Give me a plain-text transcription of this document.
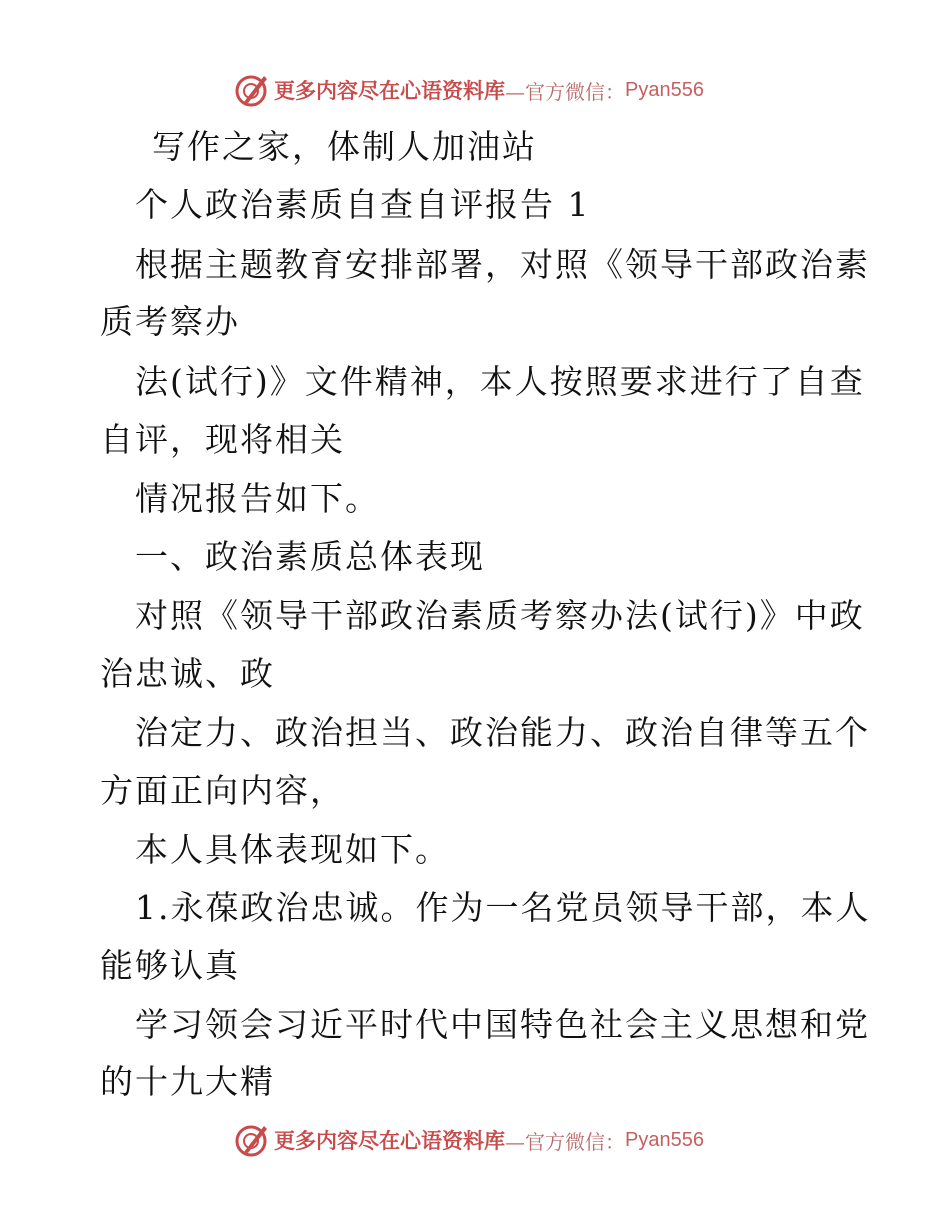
更多内容尽在心语资料库 —官方微信： Pyan556
写作之家，体制人加油站
个人政治素质自查自评报告 1
根据主题教育安排部署，对照《领导干部政治素
质考察办
法(试行)》文件精神，本人按照要求进行了自查
自评，现将相关
情况报告如下。
一、政治素质总体表现
对照《领导干部政治素质考察办法(试行)》中政
治忠诚、政
治定力、政治担当、政治能力、政治自律等五个
方面正向内容，
本人具体表现如下。
1.永葆政治忠诚。作为一名党员领导干部，本人
能够认真
学习领会习近平时代中国特色社会主义思想和党
的十九大精
更多内容尽在心语资料库 —官方微信： Pyan556
